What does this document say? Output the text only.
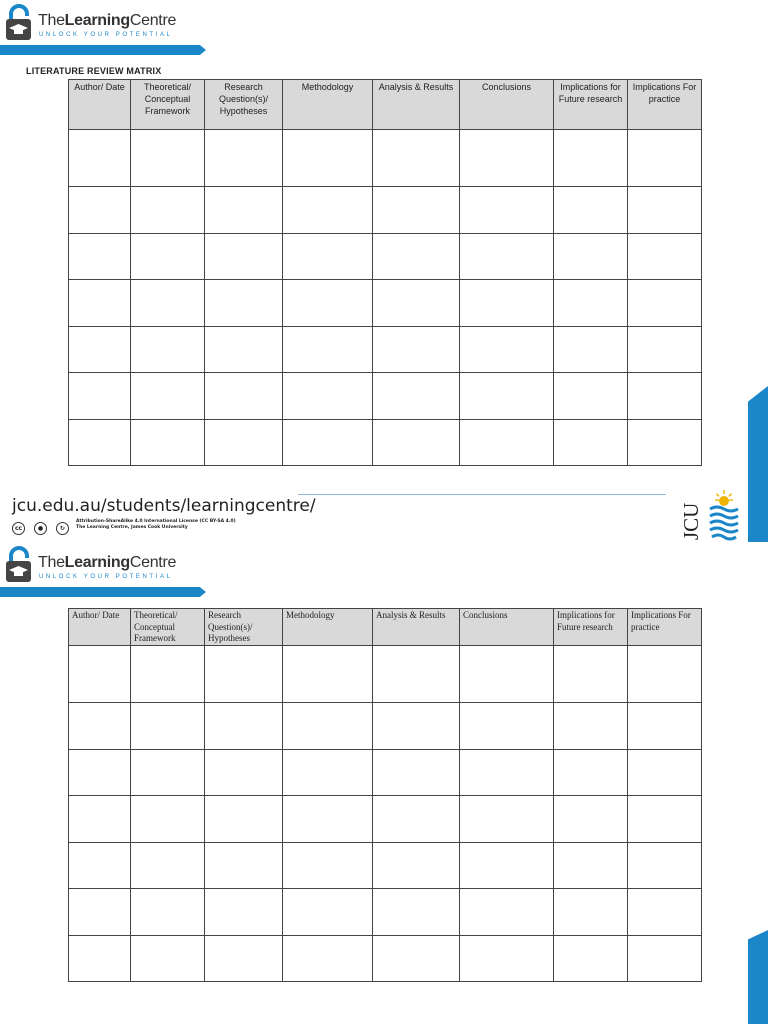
TheLearningCentre
UNLOCK YOUR POTENTIAL
LITERATURE REVIEW MATRIX
Author/ Date	Theoretical/ Conceptual Framework	Research Question(s)/ Hypotheses	Methodology	Analysis & Results	Conclusions	Implications for Future research	Implications For practice

jcu.edu.au/students/learningcentre/
cc	●	↻
Attribution-ShareAlike 4.0 International License (CC BY-SA 4.0)
The Learning Centre, James Cook University	JCU
TheLearningCentre
UNLOCK YOUR POTENTIAL
Author/ Date	Theoretical/ Conceptual Framework	Research Question(s)/ Hypotheses	Methodology	Analysis & Results	Conclusions	Implications for Future research	Implications For practice
